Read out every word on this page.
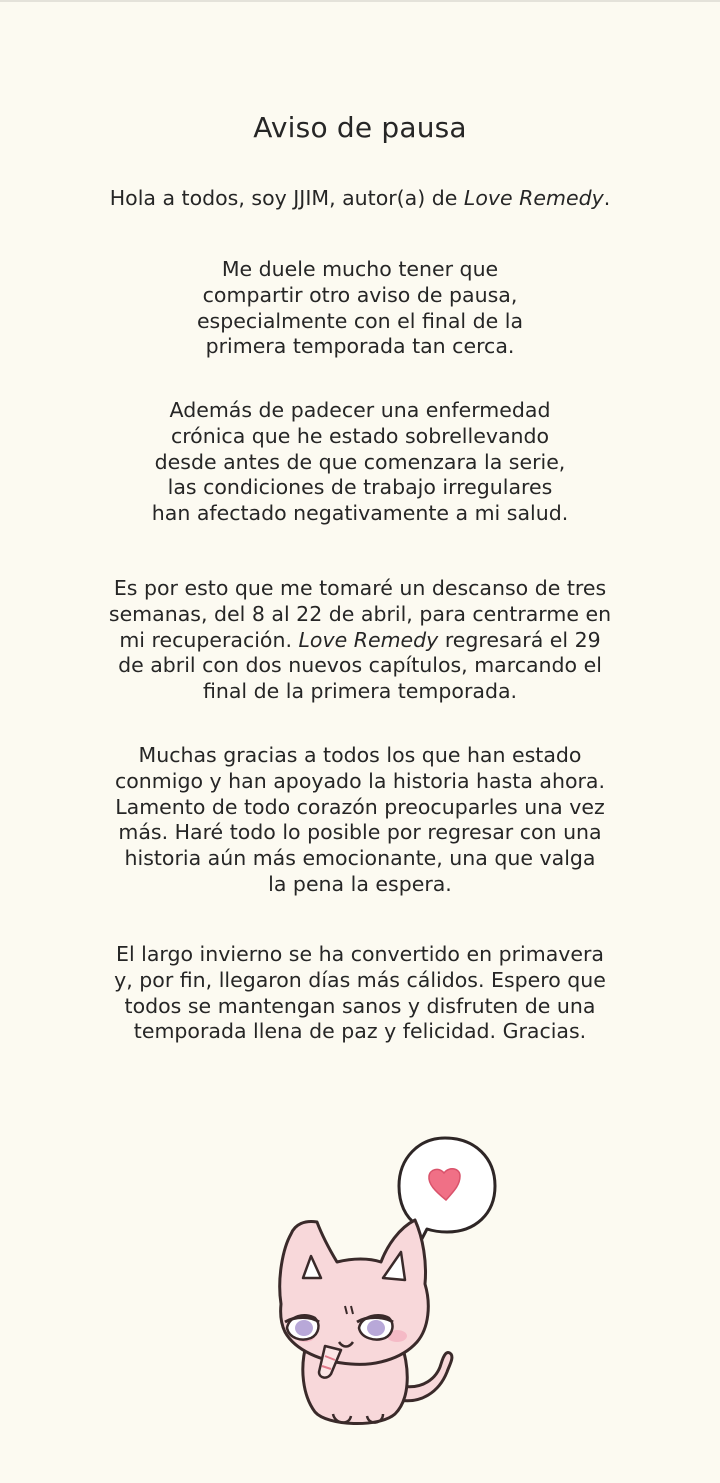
Aviso de pausa

Hola a todos, soy JJIM, autor(a) de Love Remedy.

Me duele mucho tener que
compartir otro aviso de pausa,
especialmente con el final de la
primera temporada tan cerca.

Además de padecer una enfermedad
crónica que he estado sobrellevando
desde antes de que comenzara la serie,
las condiciones de trabajo irregulares
han afectado negativamente a mi salud.

Es por esto que me tomaré un descanso de tres
semanas, del 8 al 22 de abril, para centrarme en
mi recuperación. Love Remedy regresará el 29
de abril con dos nuevos capítulos, marcando el
final de la primera temporada.

Muchas gracias a todos los que han estado
conmigo y han apoyado la historia hasta ahora.
Lamento de todo corazón preocuparles una vez
más. Haré todo lo posible por regresar con una
historia aún más emocionante, una que valga
la pena la espera.

El largo invierno se ha convertido en primavera
y, por fin, llegaron días más cálidos. Espero que
todos se mantengan sanos y disfruten de una
temporada llena de paz y felicidad. Gracias.
